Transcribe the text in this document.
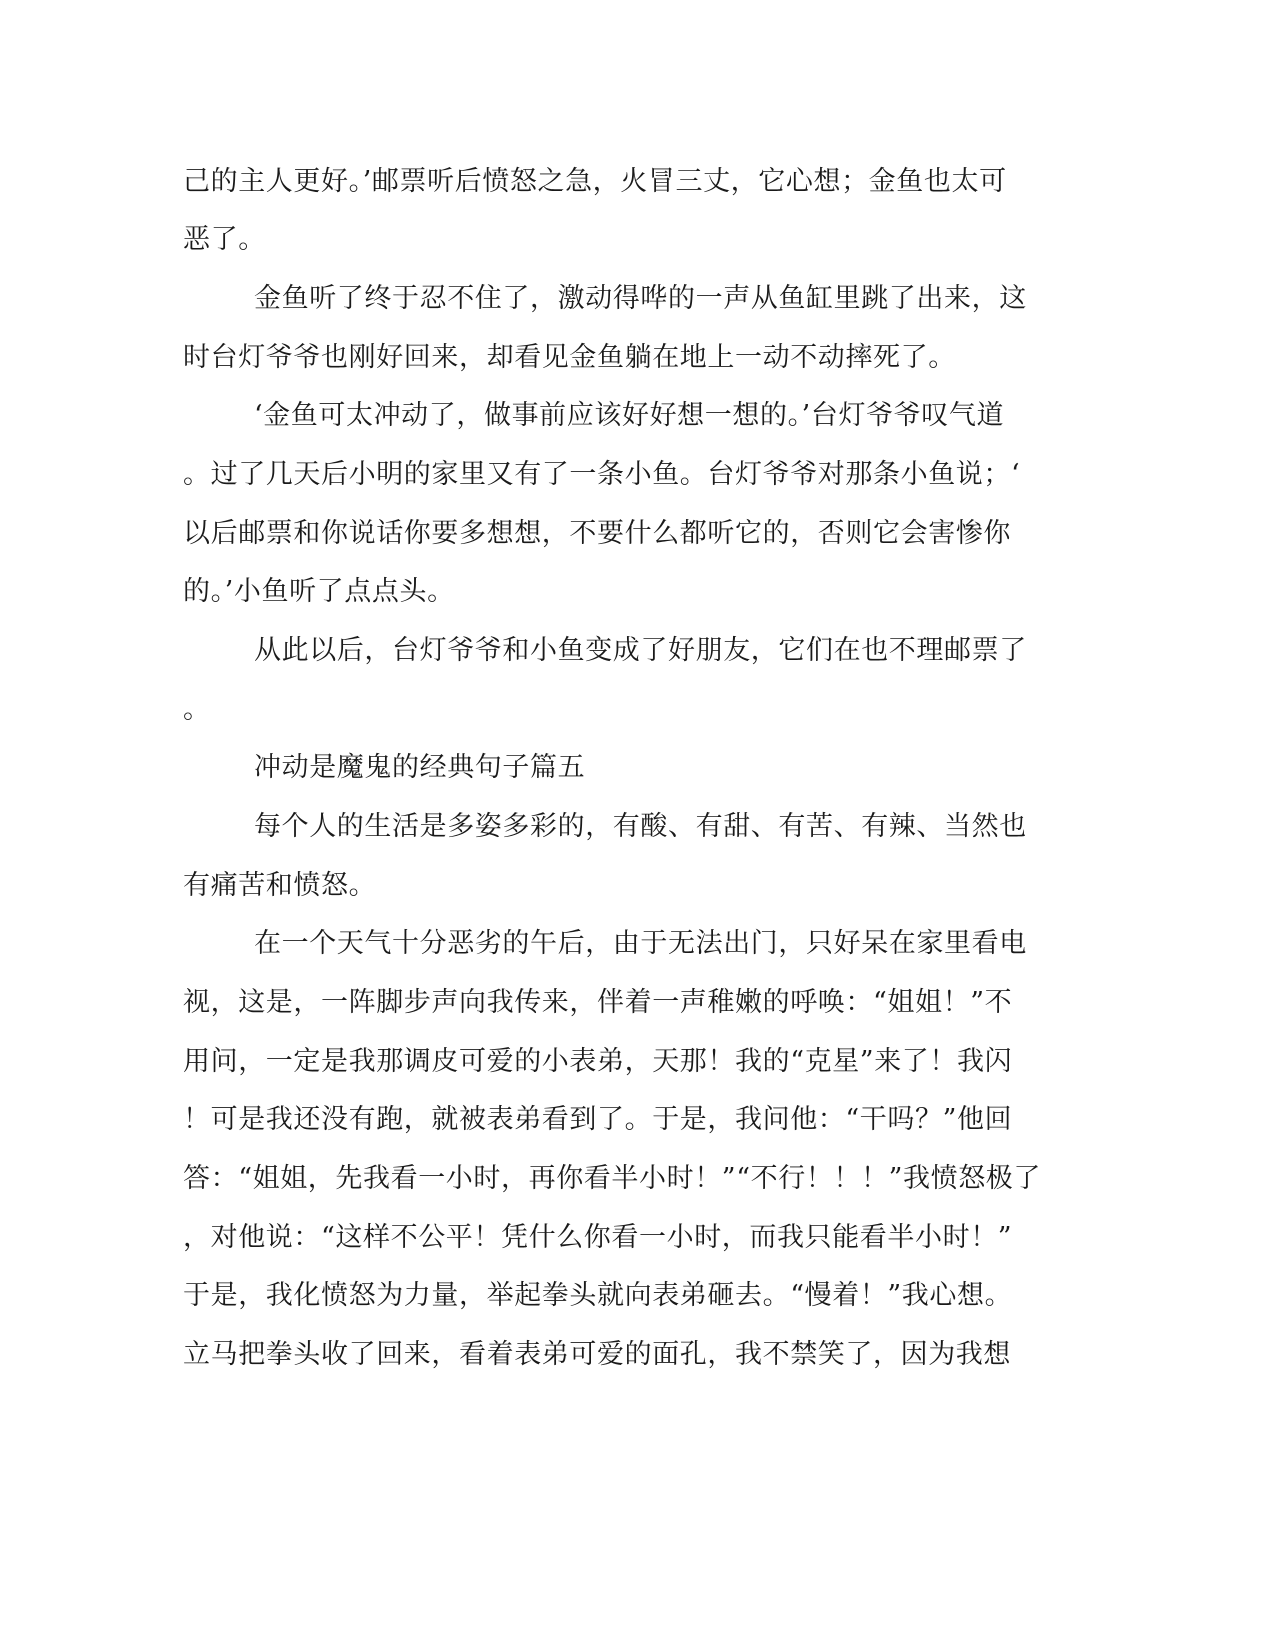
己的主人更好。’邮票听后愤怒之急，火冒三丈，它心想；金鱼也太可
恶了。
金鱼听了终于忍不住了，激动得哗的一声从鱼缸里跳了出来，这
时台灯爷爷也刚好回来，却看见金鱼躺在地上一动不动摔死了。
‘金鱼可太冲动了，做事前应该好好想一想的。’台灯爷爷叹气道
。过了几天后小明的家里又有了一条小鱼。台灯爷爷对那条小鱼说；‘
以后邮票和你说话你要多想想，不要什么都听它的，否则它会害惨你
的。’小鱼听了点点头。
从此以后，台灯爷爷和小鱼变成了好朋友，它们在也不理邮票了
。
冲动是魔鬼的经典句子篇五
每个人的生活是多姿多彩的，有酸、有甜、有苦、有辣、当然也
有痛苦和愤怒。
在一个天气十分恶劣的午后，由于无法出门，只好呆在家里看电
视，这是，一阵脚步声向我传来，伴着一声稚嫩的呼唤：“姐姐！”不
用问，一定是我那调皮可爱的小表弟，天那！我的“克星”来了！我闪
！可是我还没有跑，就被表弟看到了。于是，我问他：“干吗？”他回
答：“姐姐，先我看一小时，再你看半小时！”“不行！！！”我愤怒极了
，对他说：“这样不公平！凭什么你看一小时，而我只能看半小时！”
于是，我化愤怒为力量，举起拳头就向表弟砸去。“慢着！”我心想。
立马把拳头收了回来，看着表弟可爱的面孔，我不禁笑了，因为我想
